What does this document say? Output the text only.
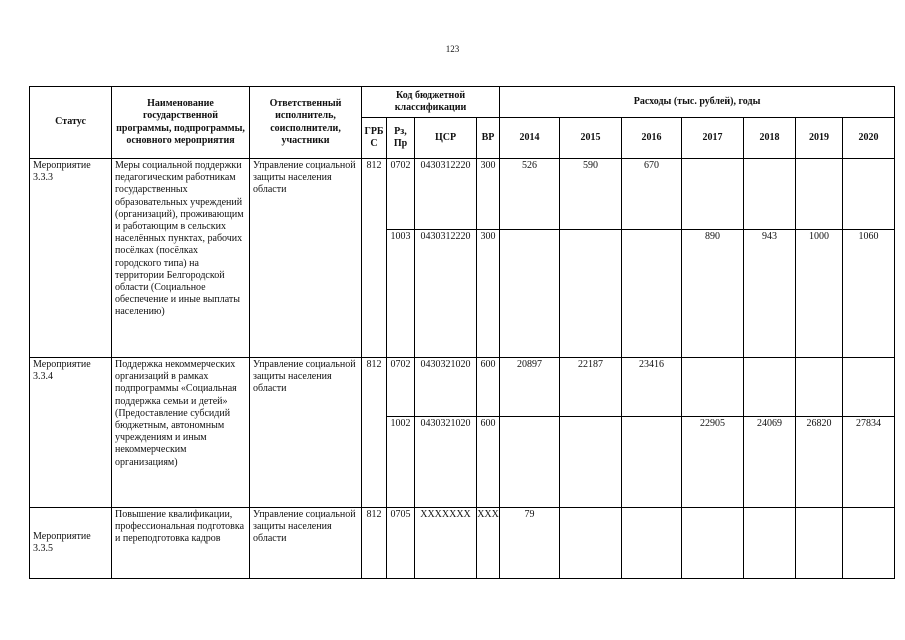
123
Статус	Наименование государственной программы, подпрограммы, основного мероприятия	Ответственный исполнитель, соисполнители, участники	Код бюджетной классификации				Расходы (тыс. рублей), годы						
			ГРБС	Рз, Пр	ЦСР	ВР	2014	2015	2016	2017	2018	2019	2020
Мероприятие 3.3.3	Меры социальной поддержки педагогическим работникам государственных образовательных учреждений (организаций), проживающим и работающим в сельских населённых пунктах, рабочих посёлках (посёлках городского типа) на территории Белгородской области (Социальное обеспечение и иные выплаты населению)	Управление социальной защиты населения области	812	0702	0430312220	300	526	590	670				
				1003	0430312220	300				890	943	1000	1060
Мероприятие 3.3.4	Поддержка некоммерческих организаций в рамках подпрограммы «Социальная поддержка семьи и детей» (Предоставление субсидий бюджетным, автономным учреждениям и иным некоммерческим организациям)	Управление социальной защиты населения области	812	0702	0430321020	600	20897	22187	23416				
				1002	0430321020	600				22905	24069	26820	27834
Мероприятие 3.3.5	Повышение квалификации, профессиональная подготовка и переподготовка кадров	Управление социальной защиты населения области	812	0705	XXXXXXX	XXX	79						
